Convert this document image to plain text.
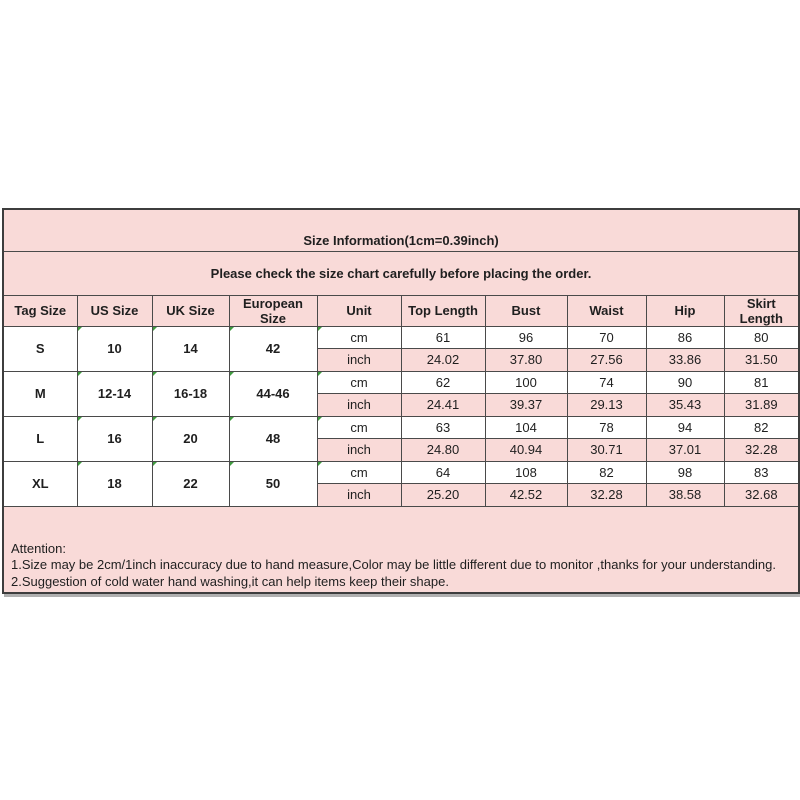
Size Information(1cm=0.39inch)									
Please check the size chart carefully before placing the order.									
Tag Size	US Size	UK Size	European Size	Unit	Top Length	Bust	Waist	Hip	Skirt Length
S	10	14	42	cm	61	96	70	86	80
				inch	24.02	37.80	27.56	33.86	31.50
M	12-14	16-18	44-46	cm	62	100	74	90	81
				inch	24.41	39.37	29.13	35.43	31.89
L	16	20	48	cm	63	104	78	94	82
				inch	24.80	40.94	30.71	37.01	32.28
XL	18	22	50	cm	64	108	82	98	83
				inch	25.20	42.52	32.28	38.58	32.68

Attention:
1.Size may be 2cm/1inch inaccuracy due to hand measure,Color may be little different due to monitor ,thanks for your understanding.
2.Suggestion of cold water hand washing,it can help items keep their shape.									
